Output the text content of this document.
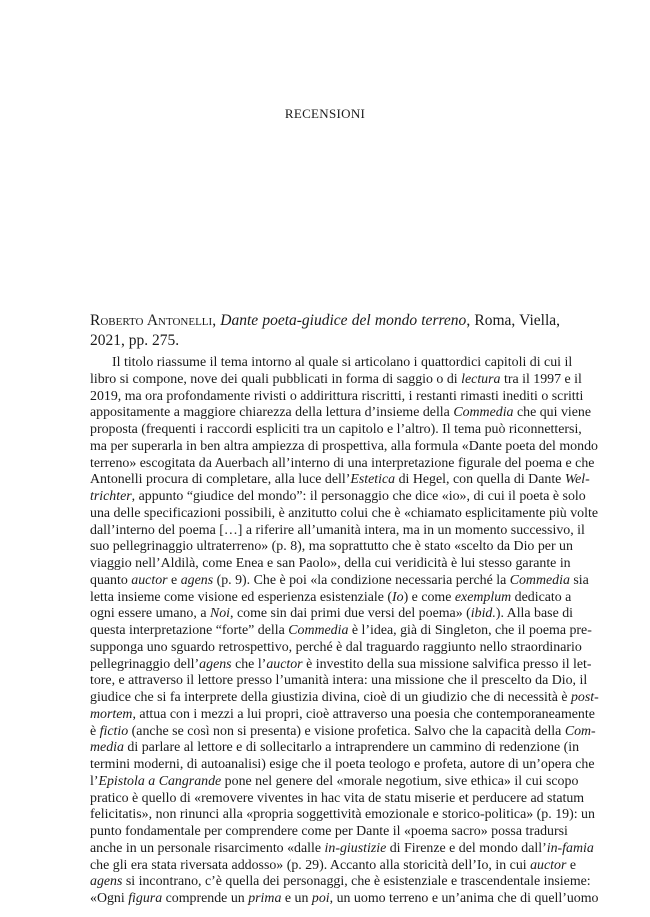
RECENSIONI
Roberto Antonelli, Dante poeta-giudice del mondo terreno, Roma, Viella, 2021, pp. 275.
Il titolo riassume il tema intorno al quale si articolano i quattordici capitoli di cui il
libro si compone, nove dei quali pubblicati in forma di saggio o di lectura tra il 1997 e il
2019, ma ora profondamente rivisti o addirittura riscritti, i restanti rimasti inediti o scritti
appositamente a maggiore chiarezza della lettura d’insieme della Commedia che qui viene
proposta (frequenti i raccordi espliciti tra un capitolo e l’altro). Il tema può riconnettersi,
ma per superarla in ben altra ampiezza di prospettiva, alla formula «Dante poeta del mondo
terreno» escogitata da Auerbach all’interno di una interpretazione figurale del poema e che
Antonelli procura di completare, alla luce dell’Estetica di Hegel, con quella di Dante Wel-
trichter, appunto “giudice del mondo”: il personaggio che dice «io», di cui il poeta è solo
una delle specificazioni possibili, è anzitutto colui che è «chiamato esplicitamente più volte
dall’interno del poema […] a riferire all’umanità intera, ma in un momento successivo, il
suo pellegrinaggio ultraterreno» (p. 8), ma soprattutto che è stato «scelto da Dio per un
viaggio nell’Aldilà, come Enea e san Paolo», della cui veridicità è lui stesso garante in
quanto auctor e agens (p. 9). Che è poi «la condizione necessaria perché la Commedia sia
letta insieme come visione ed esperienza esistenziale (Io) e come exemplum dedicato a
ogni essere umano, a Noi, come sin dai primi due versi del poema» (ibid.). Alla base di
questa interpretazione “forte” della Commedia è l’idea, già di Singleton, che il poema pre-
supponga uno sguardo retrospettivo, perché è dal traguardo raggiunto nello straordinario
pellegrinaggio dell’agens che l’auctor è investito della sua missione salvifica presso il let-
tore, e attraverso il lettore presso l’umanità intera: una missione che il prescelto da Dio, il
giudice che si fa interprete della giustizia divina, cioè di un giudizio che di necessità è post-
mortem, attua con i mezzi a lui propri, cioè attraverso una poesia che contemporaneamente
è fictio (anche se così non si presenta) e visione profetica. Salvo che la capacità della Com-
media di parlare al lettore e di sollecitarlo a intraprendere un cammino di redenzione (in
termini moderni, di autoanalisi) esige che il poeta teologo e profeta, autore di un’opera che
l’Epistola a Cangrande pone nel genere del «morale negotium, sive ethica» il cui scopo
pratico è quello di «removere viventes in hac vita de statu miserie et perducere ad statum
felicitatis», non rinunci alla «propria soggettività emozionale e storico-politica» (p. 19): un
punto fondamentale per comprendere come per Dante il «poema sacro» possa tradursi
anche in un personale risarcimento «dalle in-giustizie di Firenze e del mondo dall’in-famia
che gli era stata riversata addosso» (p. 29). Accanto alla storicità dell’Io, in cui auctor e
agens si incontrano, c’è quella dei personaggi, che è esistenziale e trascendentale insieme:
«Ogni figura comprende un prima e un poi, un uomo terreno e un’anima che di quell’uomo
